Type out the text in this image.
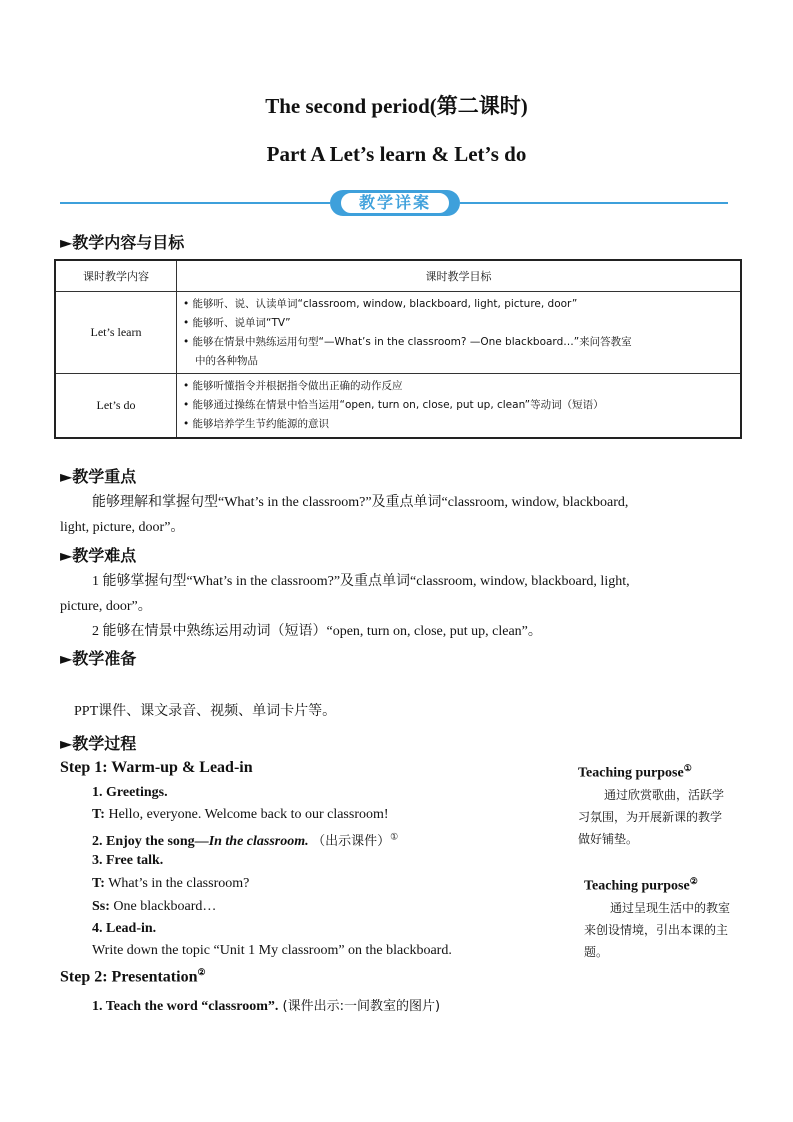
The second period(第二课时)
Part A Let’s learn & Let’s do
教学详案
►教学内容与目标
课时教学内容	课时教学目标
Let’s learn	• 能够听、说、认读单词“classroom, window, blackboard, light, picture, door”
• 能够听、说单词“TV”
• 能够在情景中熟练运用句型“—What’s in the classroom? —One blackboard…”来问答教室
中的各种物品

Let’s do	• 能够听懂指令并根据指令做出正确的动作反应
• 能够通过操练在情景中恰当运用“open, turn on, close, put up, clean”等动词（短语）
• 能够培养学生节约能源的意识
►教学重点
能够理解和掌握句型“What’s in the classroom?”及重点单词“classroom, window, blackboard,
light, picture, door”。
►教学难点
1 能够掌握句型“What’s in the classroom?”及重点单词“classroom, window, blackboard, light,
picture, door”。
2 能够在情景中熟练运用动词（短语）“open, turn on, close, put up, clean”。
►教学准备
PPT课件、课文录音、视频、单词卡片等。
►教学过程
Step 1: Warm-up & Lead-in
1. Greetings.
T: Hello, everyone. Welcome back to our classroom!
2. Enjoy the song—In the classroom. （出示课件）①
3. Free talk.
T: What’s in the classroom?
Ss: One blackboard…
4. Lead-in.
Write down the topic “Unit 1 My classroom” on the blackboard.
Step 2: Presentation②
1. Teach the word “classroom”. (课件出示:一间教室的图片)
Teaching purpose①
通过欣赏歌曲，活跃学
习氛围，为开展新课的教学
做好铺垫。
Teaching purpose②
通过呈现生活中的教室
来创设情境，引出本课的主
题。
